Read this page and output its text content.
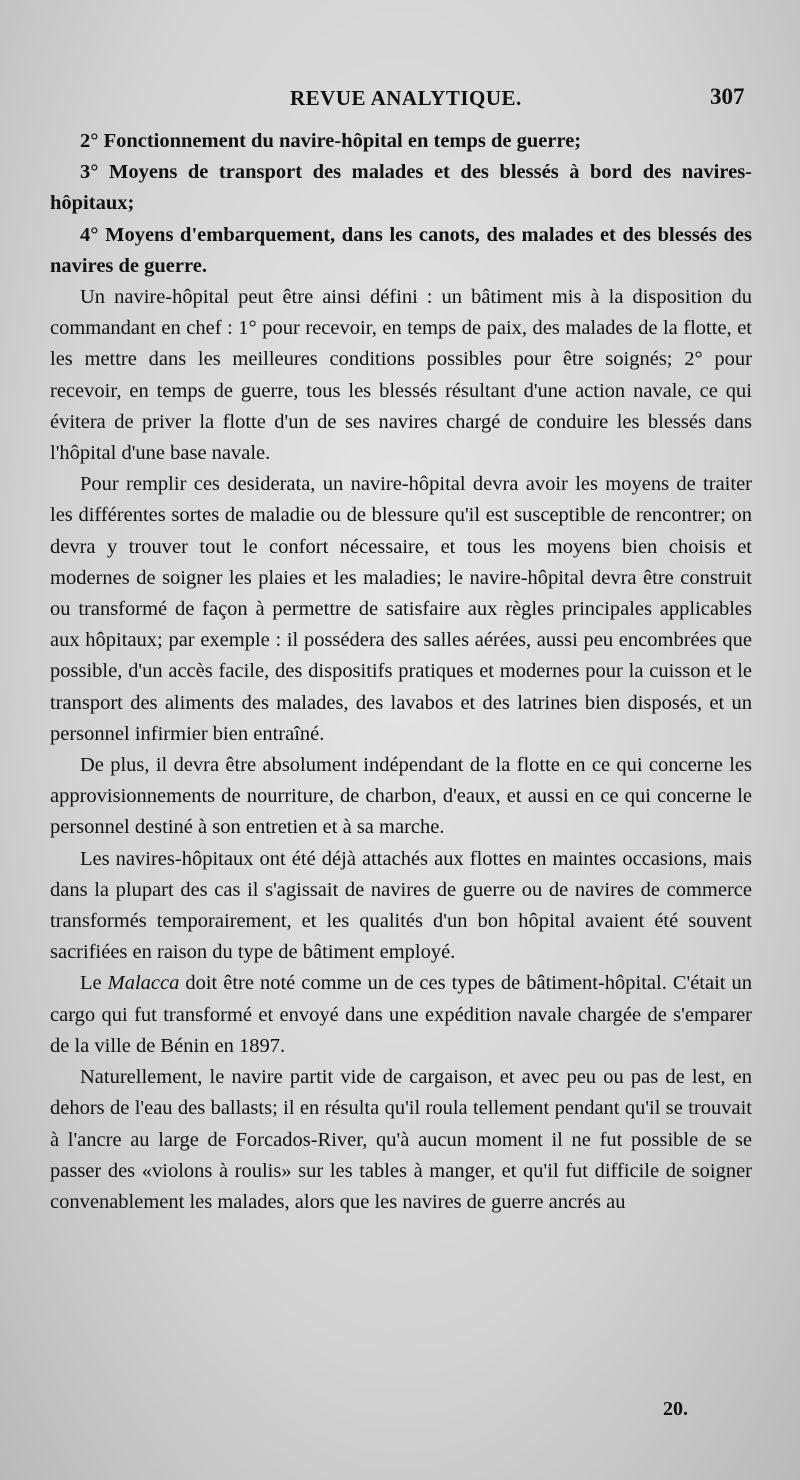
REVUE ANALYTIQUE.	307

2° Fonctionnement du navire-hôpital en temps de guerre;

3° Moyens de transport des malades et des blessés à bord des navires-hôpitaux;

4° Moyens d'embarquement, dans les canots, des malades et des blessés des navires de guerre.

Un navire-hôpital peut être ainsi défini : un bâtiment mis à la disposition du commandant en chef : 1° pour recevoir, en temps de paix, des malades de la flotte, et les mettre dans les meilleures conditions possibles pour être soignés; 2° pour recevoir, en temps de guerre, tous les blessés résultant d'une action navale, ce qui évitera de priver la flotte d'un de ses navires chargé de conduire les blessés dans l'hôpital d'une base navale.

Pour remplir ces desiderata, un navire-hôpital devra avoir les moyens de traiter les différentes sortes de maladie ou de blessure qu'il est susceptible de rencontrer; on devra y trouver tout le confort nécessaire, et tous les moyens bien choisis et modernes de soigner les plaies et les maladies; le navire-hôpital devra être construit ou transformé de façon à permettre de satisfaire aux règles principales applicables aux hôpitaux; par exemple : il possédera des salles aérées, aussi peu encombrées que possible, d'un accès facile, des dispositifs pratiques et modernes pour la cuisson et le transport des aliments des malades, des lavabos et des latrines bien disposés, et un personnel infirmier bien entraîné.

De plus, il devra être absolument indépendant de la flotte en ce qui concerne les approvisionnements de nourriture, de charbon, d'eaux, et aussi en ce qui concerne le personnel destiné à son entretien et à sa marche.

Les navires-hôpitaux ont été déjà attachés aux flottes en maintes occasions, mais dans la plupart des cas il s'agissait de navires de guerre ou de navires de commerce transformés temporairement, et les qualités d'un bon hôpital avaient été souvent sacrifiées en raison du type de bâtiment employé.

Le Malacca doit être noté comme un de ces types de bâtiment-hôpital. C'était un cargo qui fut transformé et envoyé dans une expédition navale chargée de s'emparer de la ville de Bénin en 1897.

Naturellement, le navire partit vide de cargaison, et avec peu ou pas de lest, en dehors de l'eau des ballasts; il en résulta qu'il roula tellement pendant qu'il se trouvait à l'ancre au large de Forcados-River, qu'à aucun moment il ne fut possible de se passer des «violons à roulis» sur les tables à manger, et qu'il fut difficile de soigner convenablement les malades, alors que les navires de guerre ancrés au

20.
